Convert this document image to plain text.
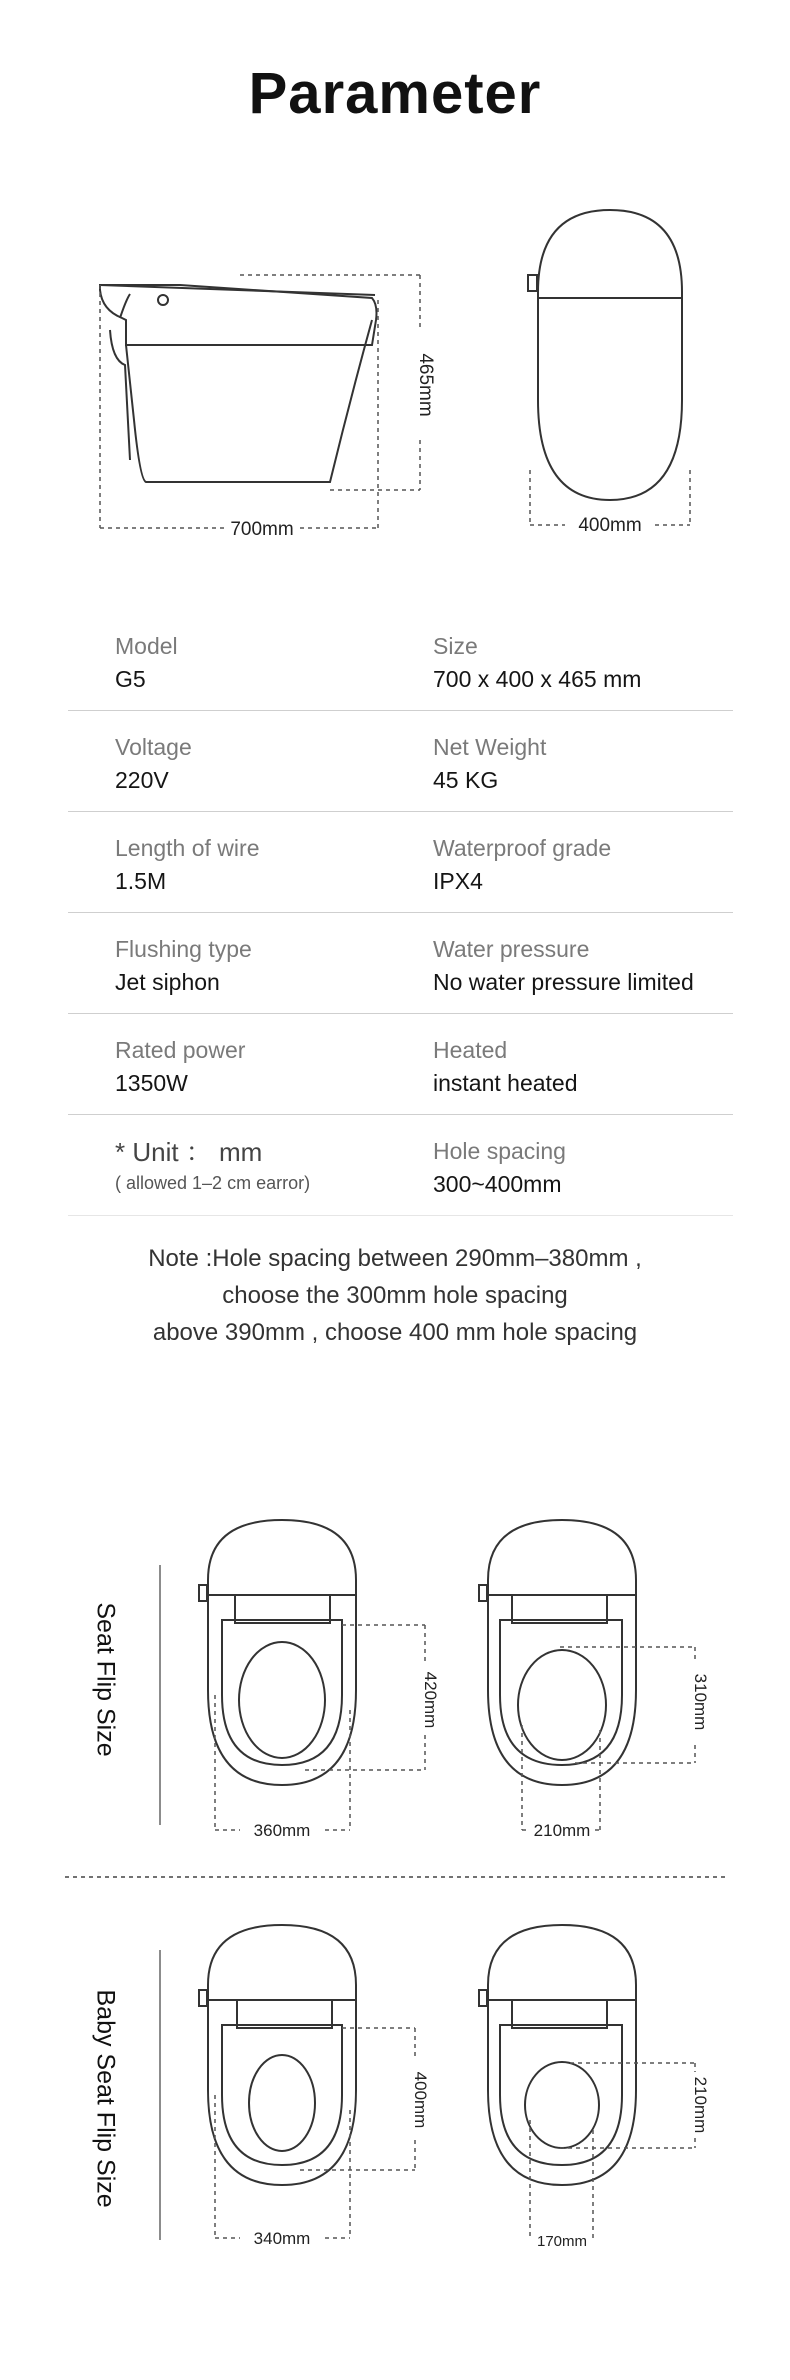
Parameter
700mm
465mm
400mm
Model
G5
Size
700 x 400 x 465 mm
Voltage
220V
Net Weight
45 KG
Length of wire
1.5M
Waterproof grade
IPX4
Flushing type
Jet siphon
Water pressure
No water pressure limited
Rated power
1350W
Heated
instant heated
* Unit ： mm
( allowed 1–2 cm earror)
Hole spacing
300~400mm
Note :Hole spacing between 290mm–380mm ,
choose the 300mm hole spacing
above 390mm , choose 400 mm hole spacing
Seat Flip Size
Baby Seat Flip Size
420mm
360mm
310mm
210mm
400mm
340mm
210mm
170mm
